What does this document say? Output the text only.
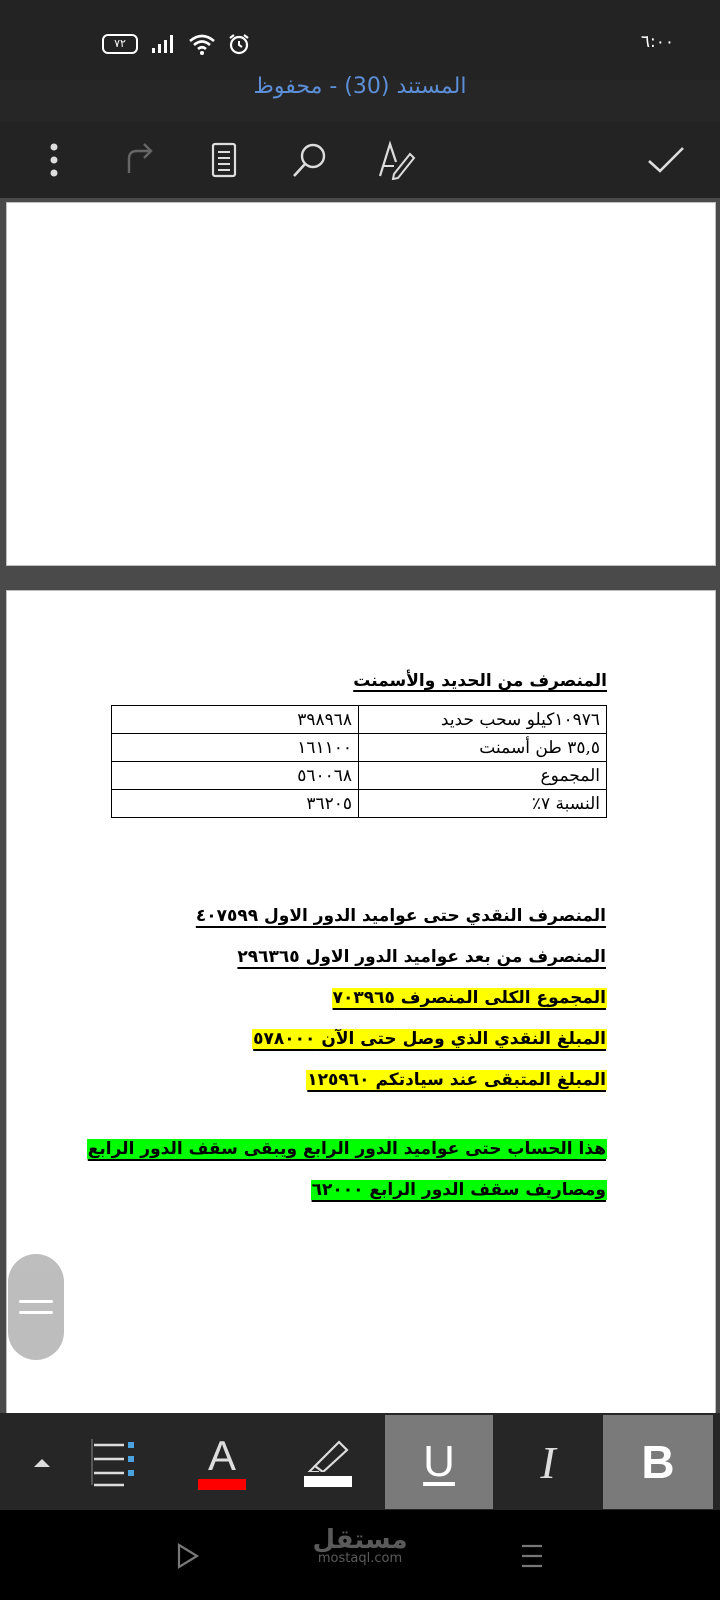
٧٢	٦:٠٠
المستند (30) - محفوظ
المنصرف من الحديد والأسمنت
١٠٩٧٦كيلو سحب حديد	٣٩٨٩٦٨
٣٥,٥ طن أسمنت	١٦١١٠٠
المجموع	٥٦٠٠٦٨
النسبة ٧٪	٣٦٢٠٥
المنصرف النقدي حتى عواميد الدور الاول ٤٠٧٥٩٩
المنصرف من بعد عواميد الدور الاول ٢٩٦٣٦٥
المجموع الكلى المنصرف ٧٠٣٩٦٥
المبلغ النقدي الذي وصل حتى الآن ٥٧٨٠٠٠
المبلغ المتبقى عند سيادتكم ١٢٥٩٦٠
هذا الحساب حتى عواميد الدور الرابع ويبقى سقف الدور الرابع
ومصاريف سقف الدور الرابع ٦٢٠٠٠
A	U I B
مستقل
mostaql.com
